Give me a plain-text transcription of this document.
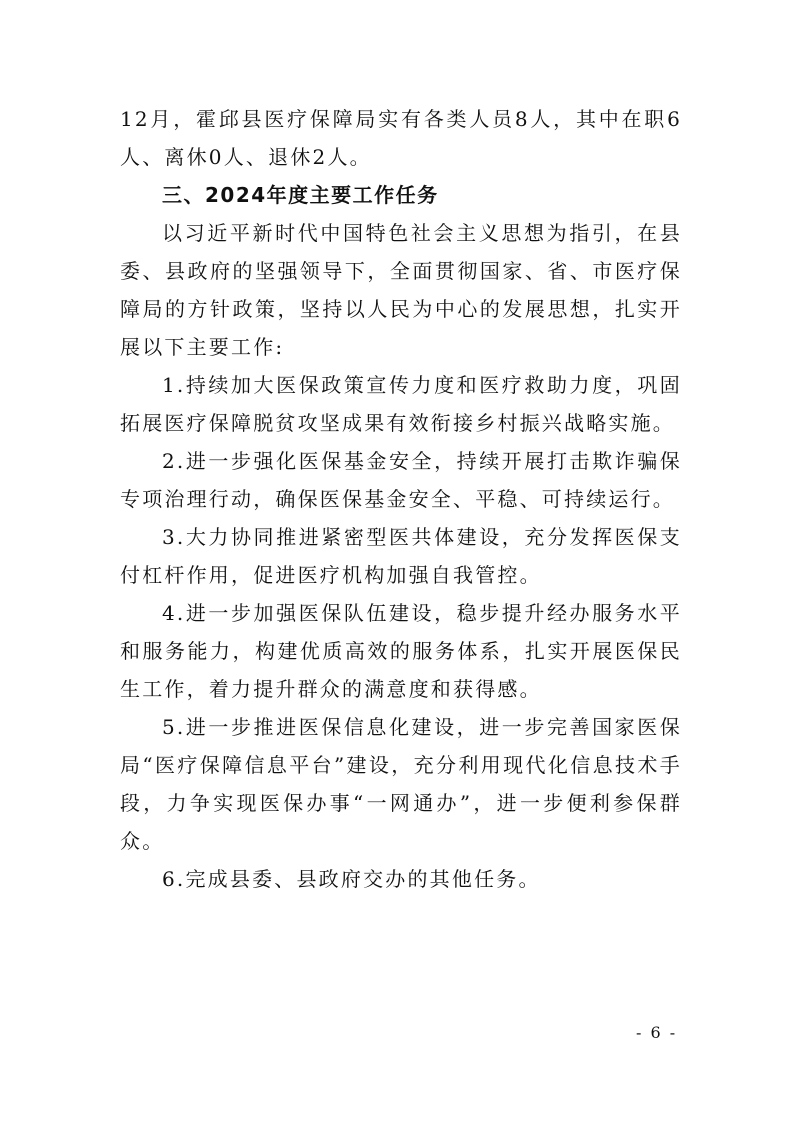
12月，霍邱县医疗保障局实有各类人员8人，其中在职6人、离休0人、退休2人。

三、2024年度主要工作任务

以习近平新时代中国特色社会主义思想为指引，在县委、县政府的坚强领导下，全面贯彻国家、省、市医疗保障局的方针政策，坚持以人民为中心的发展思想，扎实开展以下主要工作:

1.持续加大医保政策宣传力度和医疗救助力度，巩固拓展医疗保障脱贫攻坚成果有效衔接乡村振兴战略实施。

2.进一步强化医保基金安全，持续开展打击欺诈骗保专项治理行动，确保医保基金安全、平稳、可持续运行。

3.大力协同推进紧密型医共体建设，充分发挥医保支付杠杆作用，促进医疗机构加强自我管控。

4.进一步加强医保队伍建设，稳步提升经办服务水平和服务能力，构建优质高效的服务体系，扎实开展医保民生工作，着力提升群众的满意度和获得感。

5.进一步推进医保信息化建设，进一步完善国家医保局“医疗保障信息平台”建设，充分利用现代化信息技术手段，力争实现医保办事“一网通办”，进一步便利参保群众。

6.完成县委、县政府交办的其他任务。

- 6 -
